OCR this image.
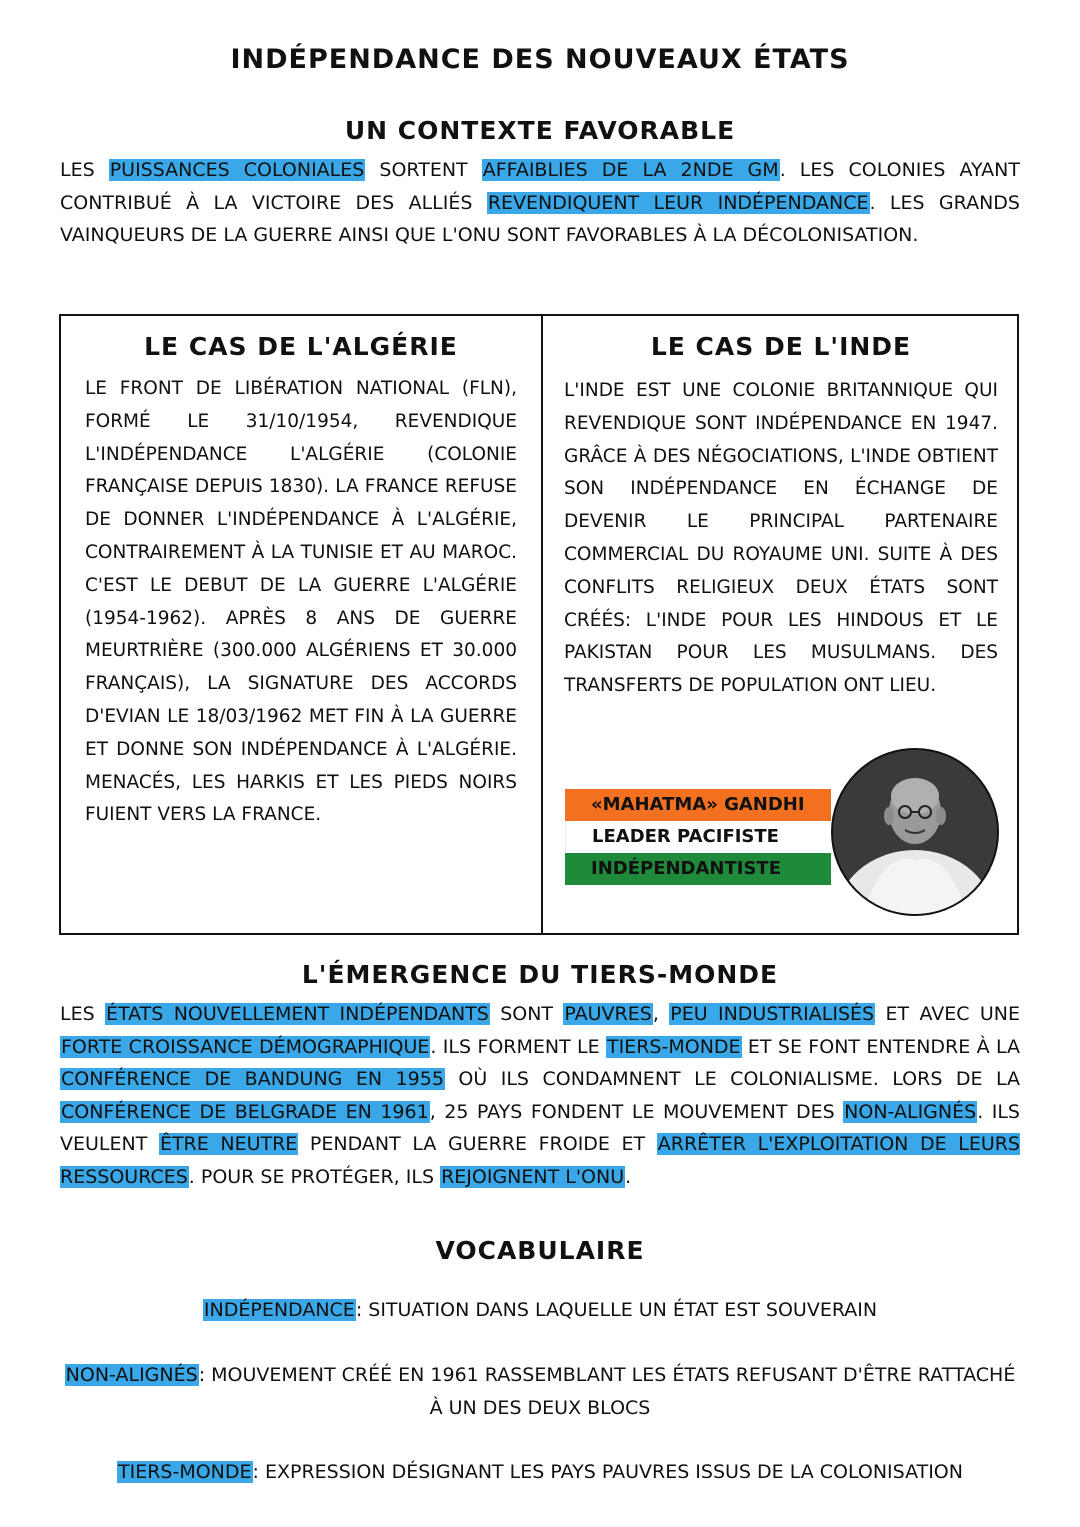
INDÉPENDANCE DES NOUVEAUX ÉTATS
UN CONTEXTE FAVORABLE

LES PUISSANCES COLONIALES SORTENT AFFAIBLIES DE LA 2NDE GM. LES COLONIES AYANT CONTRIBUÉ À LA VICTOIRE DES ALLIÉS REVENDIQUENT LEUR INDÉPENDANCE. LES GRANDS VAINQUEURS DE LA GUERRE AINSI QUE L'ONU SONT FAVORABLES À LA DÉCOLONISATION.

LE CAS DE L'ALGÉRIE

LE FRONT DE LIBÉRATION NATIONAL (FLN), FORMÉ LE 31/10/1954, REVENDIQUE L'INDÉPENDANCE L'ALGÉRIE (COLONIE FRANÇAISE DEPUIS 1830). LA FRANCE REFUSE DE DONNER L'INDÉPENDANCE À L'ALGÉRIE, CONTRAIREMENT À LA TUNISIE ET AU MAROC. C'EST LE DEBUT DE LA GUERRE L'ALGÉRIE (1954-1962). APRÈS 8 ANS DE GUERRE MEURTRIÈRE (300.000 ALGÉRIENS ET 30.000 FRANÇAIS), LA SIGNATURE DES ACCORDS D'EVIAN LE 18/03/1962 MET FIN À LA GUERRE ET DONNE SON INDÉPENDANCE À L'ALGÉRIE. MENACÉS, LES HARKIS ET LES PIEDS NOIRS FUIENT VERS LA FRANCE.

LE CAS DE L'INDE

L'INDE EST UNE COLONIE BRITANNIQUE QUI REVENDIQUE SONT INDÉPENDANCE EN 1947. GRÂCE À DES NÉGOCIATIONS, L'INDE OBTIENT SON INDÉPENDANCE EN ÉCHANGE DE DEVENIR LE PRINCIPAL PARTENAIRE COMMERCIAL DU ROYAUME UNI. SUITE À DES CONFLITS RELIGIEUX DEUX ÉTATS SONT CRÉÉS: L'INDE POUR LES HINDOUS ET LE PAKISTAN POUR LES MUSULMANS. DES TRANSFERTS DE POPULATION ONT LIEU.

«MAHATMA» GANDHI
LEADER PACIFISTE
INDÉPENDANTISTE
L'ÉMERGENCE DU TIERS-MONDE

LES ÉTATS NOUVELLEMENT INDÉPENDANTS SONT PAUVRES, PEU INDUSTRIALISÉS ET AVEC UNE FORTE CROISSANCE DÉMOGRAPHIQUE. ILS FORMENT LE TIERS-MONDE ET SE FONT ENTENDRE À LA CONFÉRENCE DE BANDUNG EN 1955 OÙ ILS CONDAMNENT LE COLONIALISME. LORS DE LA CONFÉRENCE DE BELGRADE EN 1961, 25 PAYS FONDENT LE MOUVEMENT DES NON-ALIGNÉS. ILS VEULENT ÊTRE NEUTRE PENDANT LA GUERRE FROIDE ET ARRÊTER L'EXPLOITATION DE LEURS RESSOURCES. POUR SE PROTÉGER, ILS REJOIGNENT L'ONU.

VOCABULAIRE

INDÉPENDANCE: SITUATION DANS LAQUELLE UN ÉTAT EST SOUVERAIN

NON-ALIGNÉS: MOUVEMENT CRÉÉ EN 1961 RASSEMBLANT LES ÉTATS REFUSANT D'ÊTRE RATTACHÉ À UN DES DEUX BLOCS

TIERS-MONDE: EXPRESSION DÉSIGNANT LES PAYS PAUVRES ISSUS DE LA COLONISATION
